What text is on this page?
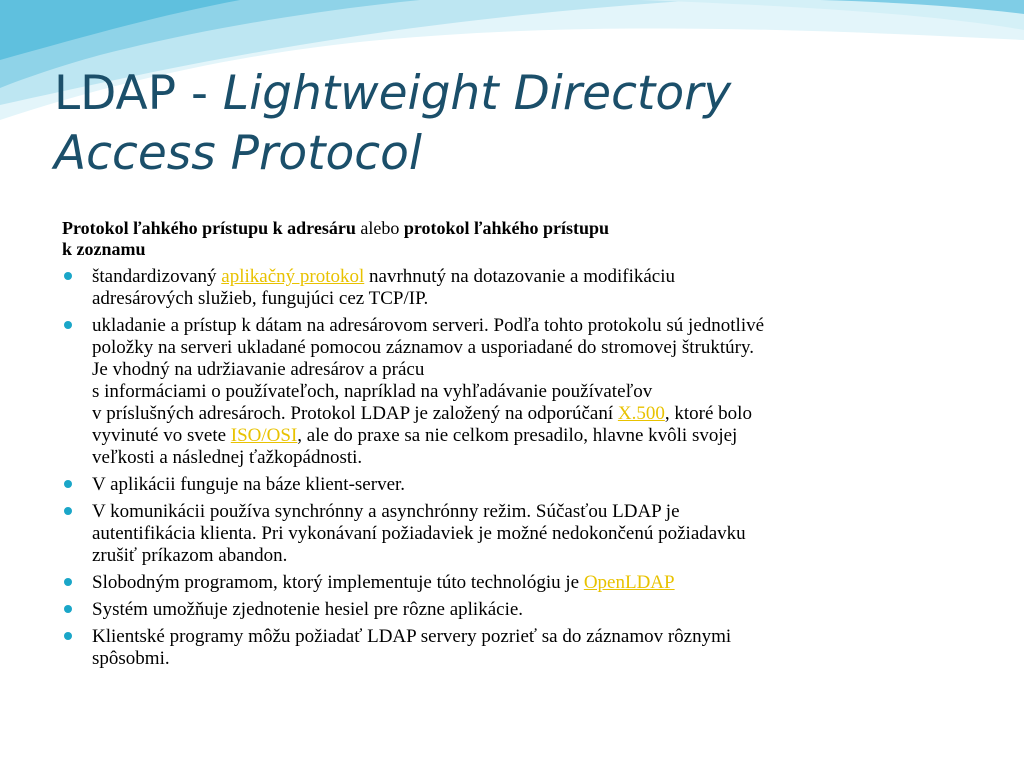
LDAP - Lightweight Directory
Access Protocol

Protokol ľahkého prístupu k adresáru alebo protokol ľahkého prístupu
k zoznamu

štandardizovaný aplikačný protokol navrhnutý na dotazovanie a modifikáciu
adresárových služieb, fungujúci cez TCP/IP.
ukladanie a prístup k dátam na adresárovom serveri. Podľa tohto protokolu sú jednotlivé
položky na serveri ukladané pomocou záznamov a usporiadané do stromovej štruktúry.
Je vhodný na udržiavanie adresárov a prácu
s informáciami o používateľoch, napríklad na vyhľadávanie používateľov
v príslušných adresároch. Protokol LDAP je založený na odporúčaní X.500, ktoré bolo
vyvinuté vo svete ISO/OSI, ale do praxe sa nie celkom presadilo, hlavne kvôli svojej
veľkosti a následnej ťažkopádnosti.
V aplikácii funguje na báze klient-server.
V komunikácii používa synchrónny a asynchrónny režim. Súčasťou LDAP je
autentifikácia klienta. Pri vykonávaní požiadaviek je možné nedokončenú požiadavku
zrušiť príkazom abandon.
Slobodným programom, ktorý implementuje túto technológiu je OpenLDAP
Systém umožňuje zjednotenie hesiel pre rôzne aplikácie.
Klientské programy môžu požiadať LDAP servery pozrieť sa do záznamov rôznymi
spôsobmi.
